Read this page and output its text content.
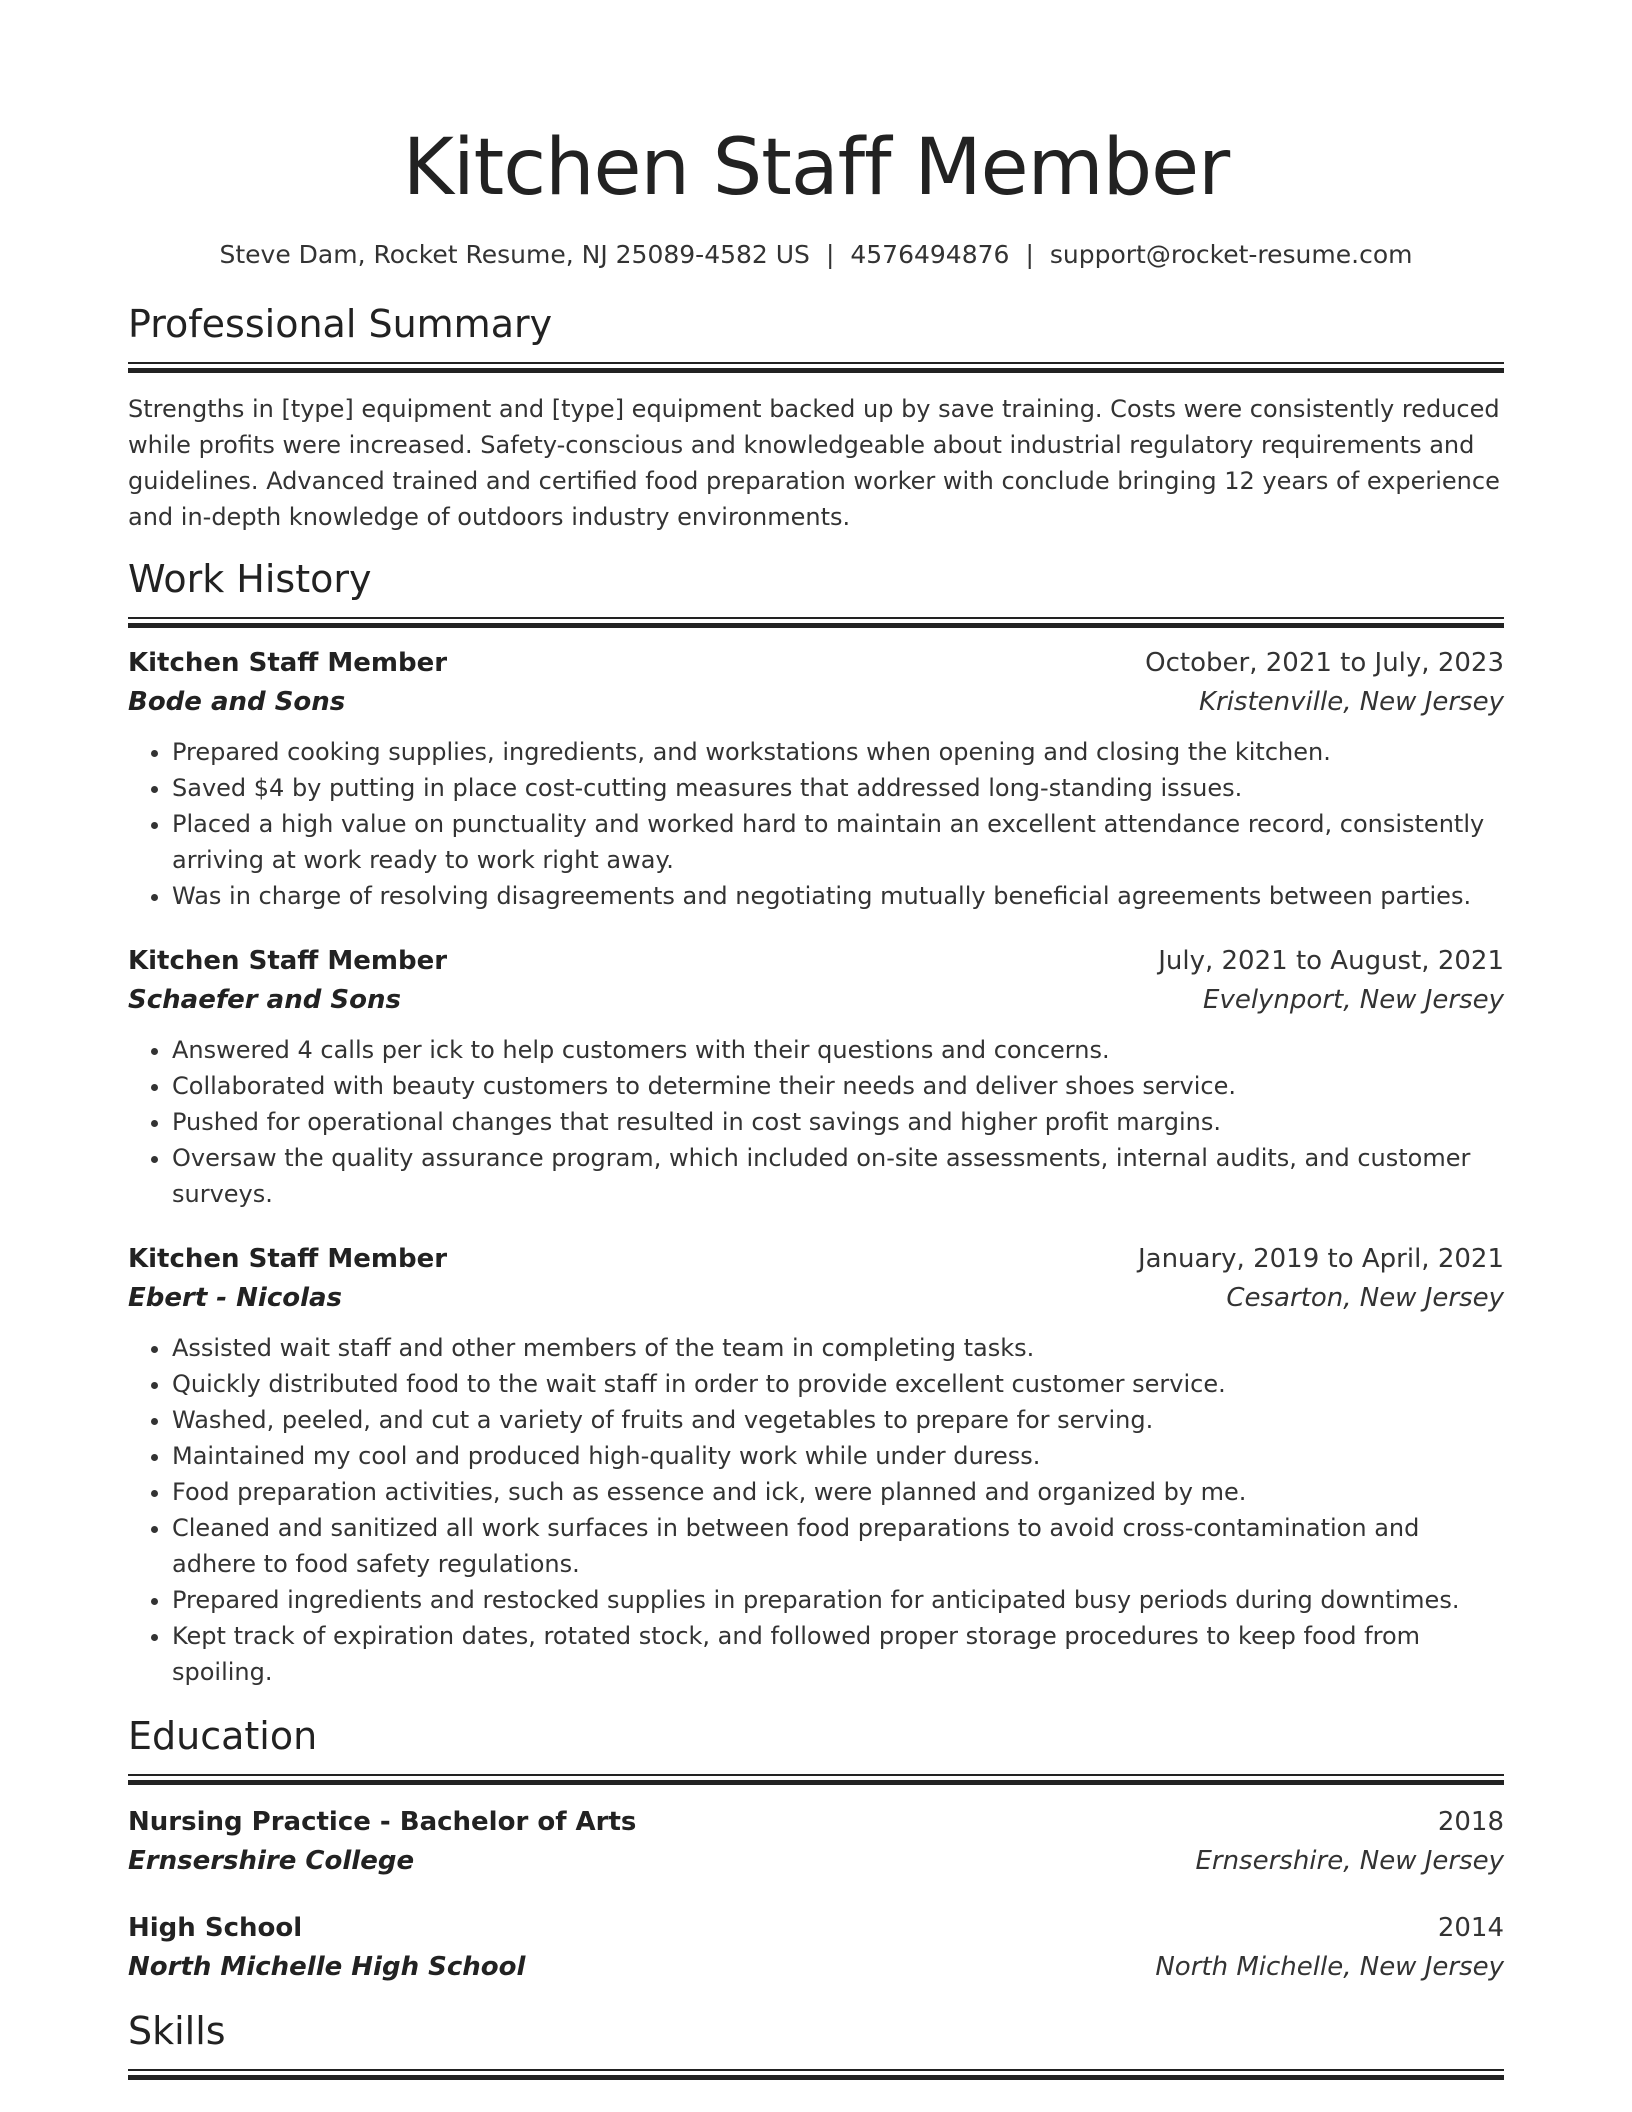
Kitchen Staff Member
Steve Dam, Rocket Resume, NJ 25089-4582 US | 4576494876 | support@rocket-resume.com
Professional Summary

Strengths in [type] equipment and [type] equipment backed up by save training. Costs were consistently reduced while profits were increased. Safety-conscious and knowledgeable about industrial regulatory requirements and guidelines. Advanced trained and certified food preparation worker with conclude bringing 12 years of experience and in-depth knowledge of outdoors industry environments.

Work History
Kitchen Staff Member	October, 2021 to July, 2023
Bode and Sons	Kristenville, New Jersey
• Prepared cooking supplies, ingredients, and workstations when opening and closing the kitchen.
• Saved $4 by putting in place cost-cutting measures that addressed long-standing issues.
• Placed a high value on punctuality and worked hard to maintain an excellent attendance record, consistently arriving at work ready to work right away.
• Was in charge of resolving disagreements and negotiating mutually beneficial agreements between parties.
Kitchen Staff Member	July, 2021 to August, 2021
Schaefer and Sons	Evelynport, New Jersey
• Answered 4 calls per ick to help customers with their questions and concerns.
• Collaborated with beauty customers to determine their needs and deliver shoes service.
• Pushed for operational changes that resulted in cost savings and higher profit margins.
• Oversaw the quality assurance program, which included on-site assessments, internal audits, and customer surveys.
Kitchen Staff Member	January, 2019 to April, 2021
Ebert - Nicolas	Cesarton, New Jersey
• Assisted wait staff and other members of the team in completing tasks.
• Quickly distributed food to the wait staff in order to provide excellent customer service.
• Washed, peeled, and cut a variety of fruits and vegetables to prepare for serving.
• Maintained my cool and produced high-quality work while under duress.
• Food preparation activities, such as essence and ick, were planned and organized by me.
• Cleaned and sanitized all work surfaces in between food preparations to avoid cross-contamination and adhere to food safety regulations.
• Prepared ingredients and restocked supplies in preparation for anticipated busy periods during downtimes.
• Kept track of expiration dates, rotated stock, and followed proper storage procedures to keep food from spoiling.
Education
Nursing Practice - Bachelor of Arts	2018
Ernsershire College	Ernsershire, New Jersey
High School	2014
North Michelle High School	North Michelle, New Jersey
Skills
